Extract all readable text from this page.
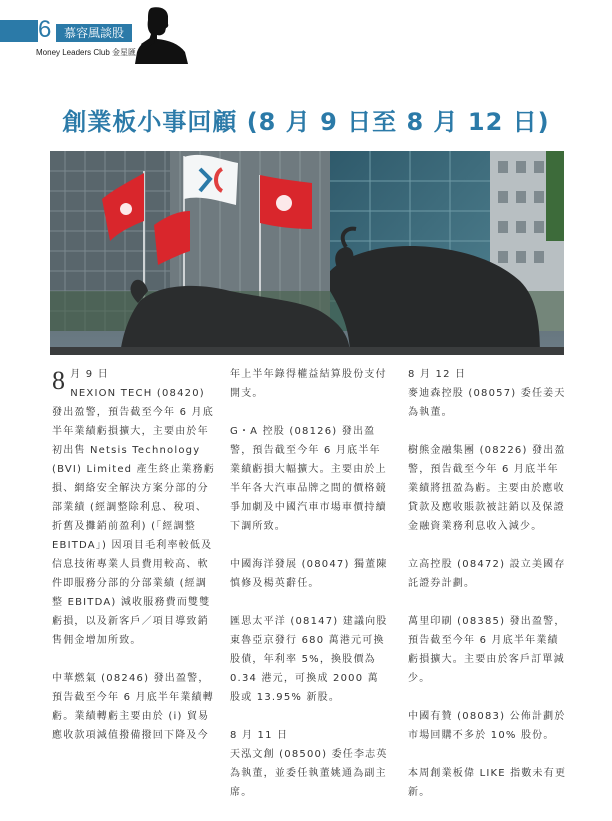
6	慕容風談股
Money Leaders Club 金星匯
創業板小事回顧 (8 月 9 日至 8 月 12 日)

8 月 9 日

NEXION TECH (08420) 發出盈警，預告截至今年 6 月底半年業績虧損擴大，主要由於年初出售 Netsis Technology (BVI) Limited 產生終止業務虧損、網絡安全解決方案分部的分部業績 (經調整除利息、稅項、折舊及攤銷前盈利) (「經調整 EBITDA」) 因項目毛利率較低及信息技術專業人員費用較高、軟件即服務分部的分部業績 (經調整 EBITDA) 減收服務費而雙雙虧損，以及新客戶／項目導致銷售佣金增加所致。

中華燃氣 (08246) 發出盈警，預告截至今年 6 月底半年業績轉虧。業績轉虧主要由於 (i) 貿易應收款項減值撥備撥回下降及今

年上半年錄得權益結算股份支付開支。

G・A 控股 (08126) 發出盈警，預告截至今年 6 月底半年業績虧損大幅擴大。主要由於上半年各大汽車品牌之間的價格競爭加劇及中國汽車市場車價持續下調所致。

中國海洋發展 (08047) 獨董陳慎修及楊英辭任。

匯思太平洋 (08147) 建議向股東魯亞京發行 680 萬港元可換股債，年利率 5%，換股價為 0.34 港元，可換成 2000 萬股或 13.95% 新股。

8 月 11 日

天泓文創 (08500) 委任李志英為執董，並委任執董姚通為副主席。

8 月 12 日

麥迪森控股 (08057) 委任姜天為執董。

樹熊金融集團 (08226) 發出盈警，預告截至今年 6 月底半年業績將扭盈為虧。主要由於應收貸款及應收賬款被註銷以及保證金融資業務利息收入減少。

立高控股 (08472) 設立美國存託證券計劃。

萬里印刷 (08385) 發出盈警，預告截至今年 6 月底半年業績虧損擴大。主要由於客戶訂單減少。

中國有贊 (08083) 公佈計劃於市場回購不多於 10% 股份。

本周創業板偉 LIKE 指數未有更新。
